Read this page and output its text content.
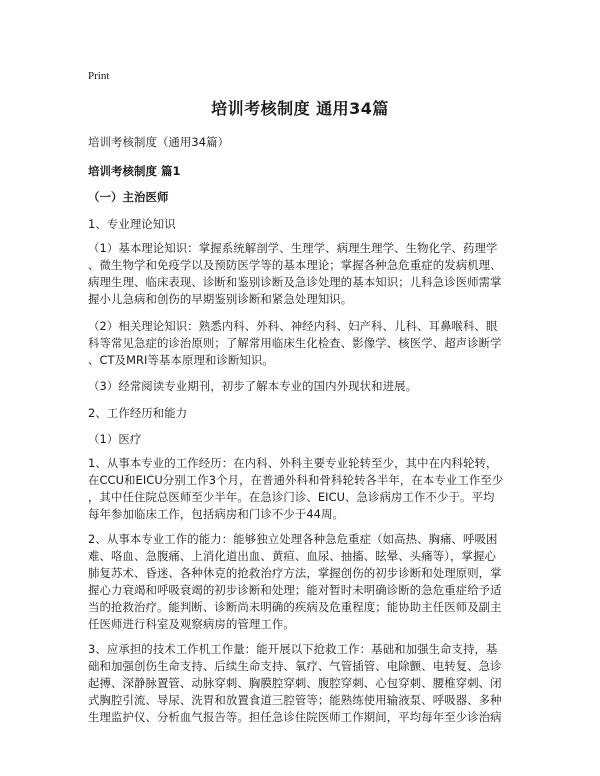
Print
培训考核制度 通用34篇
培训考核制度（通用34篇）
培训考核制度 篇1
（一）主治医师
1、专业理论知识
（1）基本理论知识：掌握系统解剖学、生理学、病理生理学、生物化学、药理学
、微生物学和免疫学以及预防医学等的基本理论；掌握各种急危重症的发病机理、
病理生理、临床表现、诊断和鉴别诊断及急诊处理的基本知识；儿科急诊医师需掌
握小儿急病和创伤的早期鉴别诊断和紧急处理知识。
（2）相关理论知识：熟悉内科、外科、神经内科、妇产科、儿科、耳鼻喉科、眼
科等常见急症的诊治原则；了解常用临床生化检查、影像学、核医学、超声诊断学
、CT及MRI等基本原理和诊断知识。
（3）经常阅读专业期刊，初步了解本专业的国内外现状和进展。
2、工作经历和能力
（1）医疗
1、从事本专业的工作经历：在内科、外科主要专业轮转至少，其中在内科轮转，
在CCU和EICU分别工作3个月，在普通外科和骨科轮转各半年，在本专业工作至少
，其中任住院总医师至少半年。在急诊门诊、EICU、急诊病房工作不少于。平均
每年参加临床工作，包括病房和门诊不少于44周。
2、从事本专业工作的能力：能够独立处理各种急危重症（如高热、胸痛、呼吸困
难、咯血、急腹痛、上消化道出血、黄疸、血尿、抽搐、眩晕、头痛等），掌握心
肺复苏术、昏迷、各种休克的抢救治疗方法，掌握创伤的初步诊断和处理原则，掌
握心力衰竭和呼吸衰竭的初步诊断和处理；能对暂时未明确诊断的急危重症给予适
当的抢救治疗。能判断、诊断尚未明确的疾病及危重程度；能协助主任医师及副主
任医师进行科室及观察病房的管理工作。
3、应承担的技术工作机工作量：能开展以下抢救工作：基础和加强生命支持，基
础和加强创伤生命支持、后续生命支持、氧疗、气管插管、电除颤、电转复、急诊
起搏、深静脉置管、动脉穿刺、胸膜腔穿刺、腹腔穿刺、心包穿刺、腰椎穿刺、闭
式胸腔引流、导尿、洗胃和放置食道三腔管等；能熟练使用输液泵、呼吸器、多种
生理监护仪、分析血气报告等。担任急诊住院医师工作期间，平均每年至少诊治病
